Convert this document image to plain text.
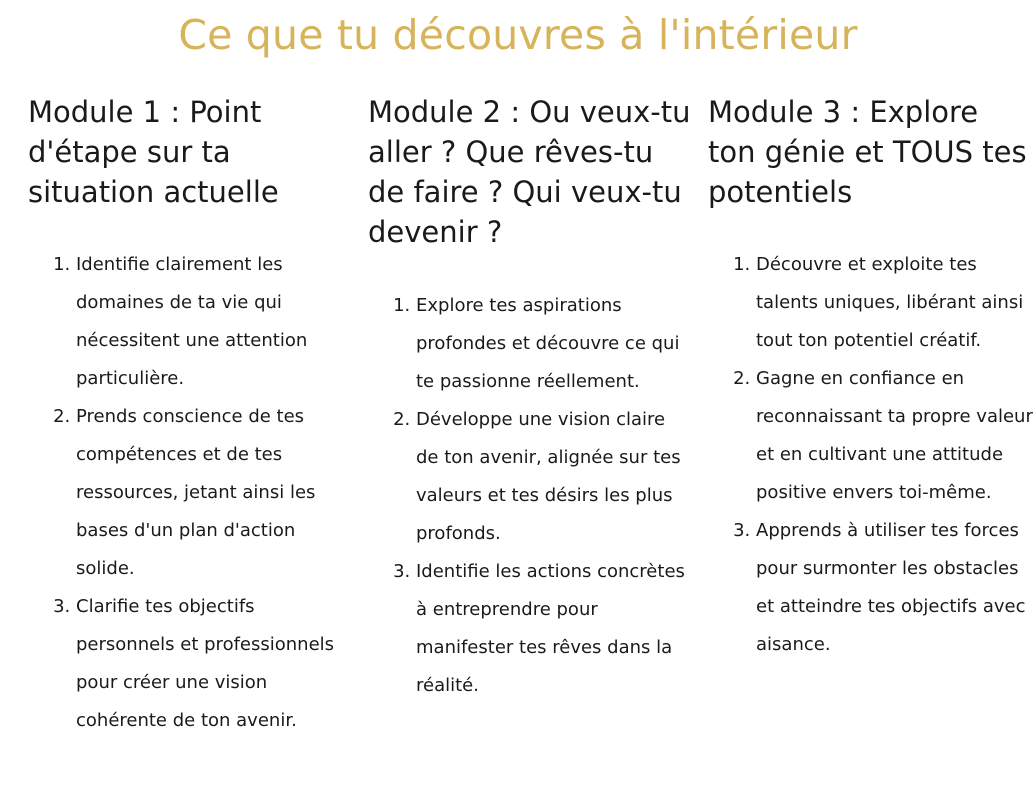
Ce que tu découvres à l'intérieur
Module 1 : Point d'étape sur ta situation actuelle
1. Identifie clairement les domaines de ta vie qui nécessitent une attention particulière.
2. Prends conscience de tes compétences et de tes ressources, jetant ainsi les bases d'un plan d'action solide.
3. Clarifie tes objectifs personnels et professionnels pour créer une vision cohérente de ton avenir.
Module 2 : Ou veux-tu aller ? Que rêves-tu de faire ? Qui veux-tu devenir ?
1. Explore tes aspirations profondes et découvre ce qui te passionne réellement.
2. Développe une vision claire de ton avenir, alignée sur tes valeurs et tes désirs les plus profonds.
3. Identifie les actions concrètes à entreprendre pour manifester tes rêves dans la réalité.
Module 3 : Explore ton génie et TOUS tes potentiels
1. Découvre et exploite tes talents uniques, libérant ainsi tout ton potentiel créatif.
2. Gagne en confiance en reconnaissant ta propre valeur et en cultivant une attitude positive envers toi-même.
3. Apprends à utiliser tes forces pour surmonter les obstacles et atteindre tes objectifs avec aisance.
